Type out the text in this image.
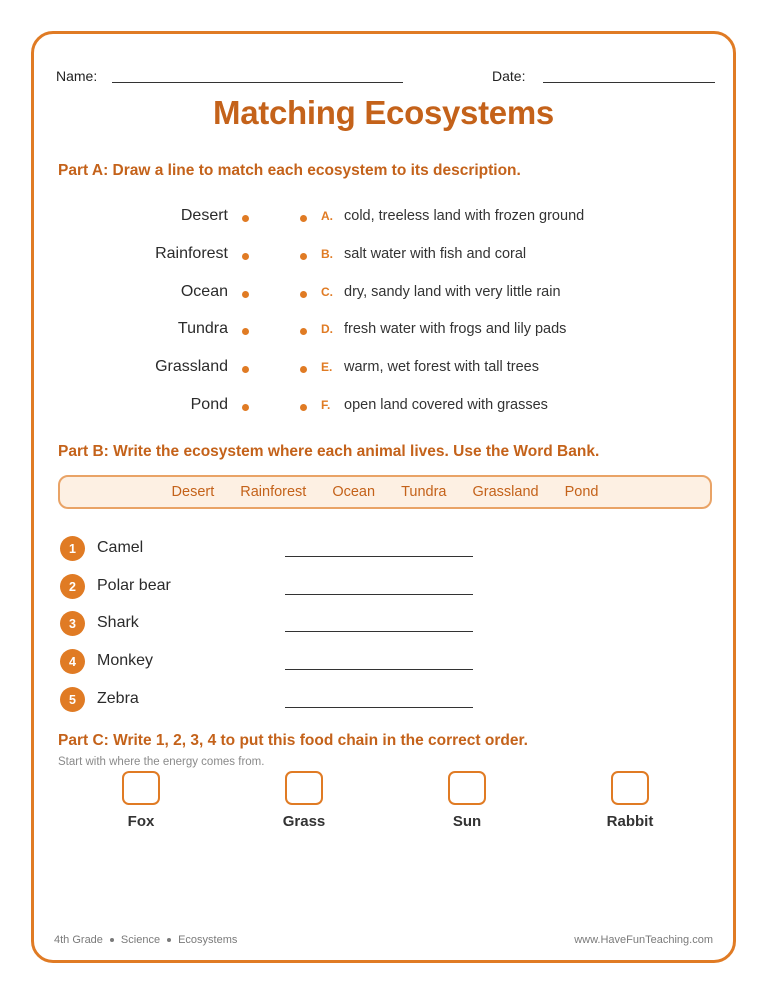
Name:	Date:
Matching Ecosystems
Part A: Draw a line to match each ecosystem to its description.
Desert	A. cold, treeless land with frozen ground
Rainforest	B. salt water with fish and coral
Ocean	C. dry, sandy land with very little rain
Tundra	D. fresh water with frogs and lily pads
Grassland	E. warm, wet forest with tall trees
Pond	F. open land covered with grasses
Part B: Write the ecosystem where each animal lives. Use the Word Bank.
Desert Rainforest Ocean Tundra Grassland Pond
1	Camel
2	Polar bear
3	Shark
4	Monkey
5	Zebra
Part C: Write 1, 2, 3, 4 to put this food chain in the correct order.
Start with where the energy comes from.
Fox	Grass	Sun	Rabbit
4th Grade Science Ecosystems	www.HaveFunTeaching.com
